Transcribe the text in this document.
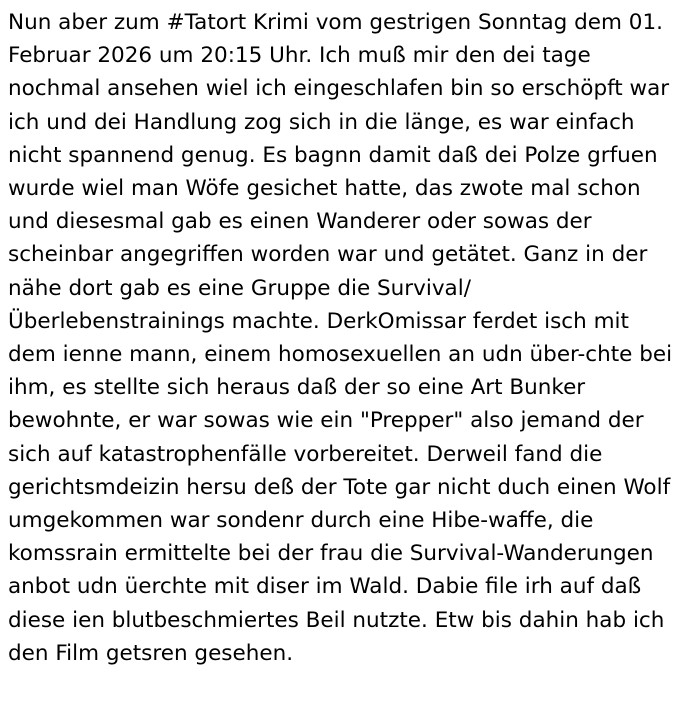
Nun aber zum #Tatort Krimi vom gestrigen Sonntag dem 01. Februar 2026 um 20:15 Uhr. Ich muß mir den dei tage nochmal ansehen wiel ich eingeschlafen bin so erschöpft war ich und dei Handlung zog sich in die länge, es war einfach nicht spannend genug. Es bagnn damit daß dei Polze grfuen wurde wiel man Wöfe gesichet hatte, das zwote mal schon und diesesmal gab es einen Wanderer oder sowas der scheinbar angegriffen worden war und getätet. Ganz in der nähe dort gab es eine Gruppe die Survival/Überlebenstrainings machte. DerkOmissar ferdet isch mit dem ienne mann, einem homosexuellen an udn über-chte bei ihm, es stellte sich heraus daß der so eine Art Bunker bewohnte, er war sowas wie ein "Prepper" also jemand der sich auf katastrophenfälle vorbereitet. Derweil fand die gerichtsmdeizin hersu deß der Tote gar nicht duch einen Wolf umgekommen war sondenr durch eine Hibe-waffe, die komssrain ermittelte bei der frau die Survival-Wanderungen anbot udn üerchte mit diser im Wald. Dabie file irh auf daß diese ien blutbeschmiertes Beil nutzte. Etw bis dahin hab ich den Film getsren gesehen.
